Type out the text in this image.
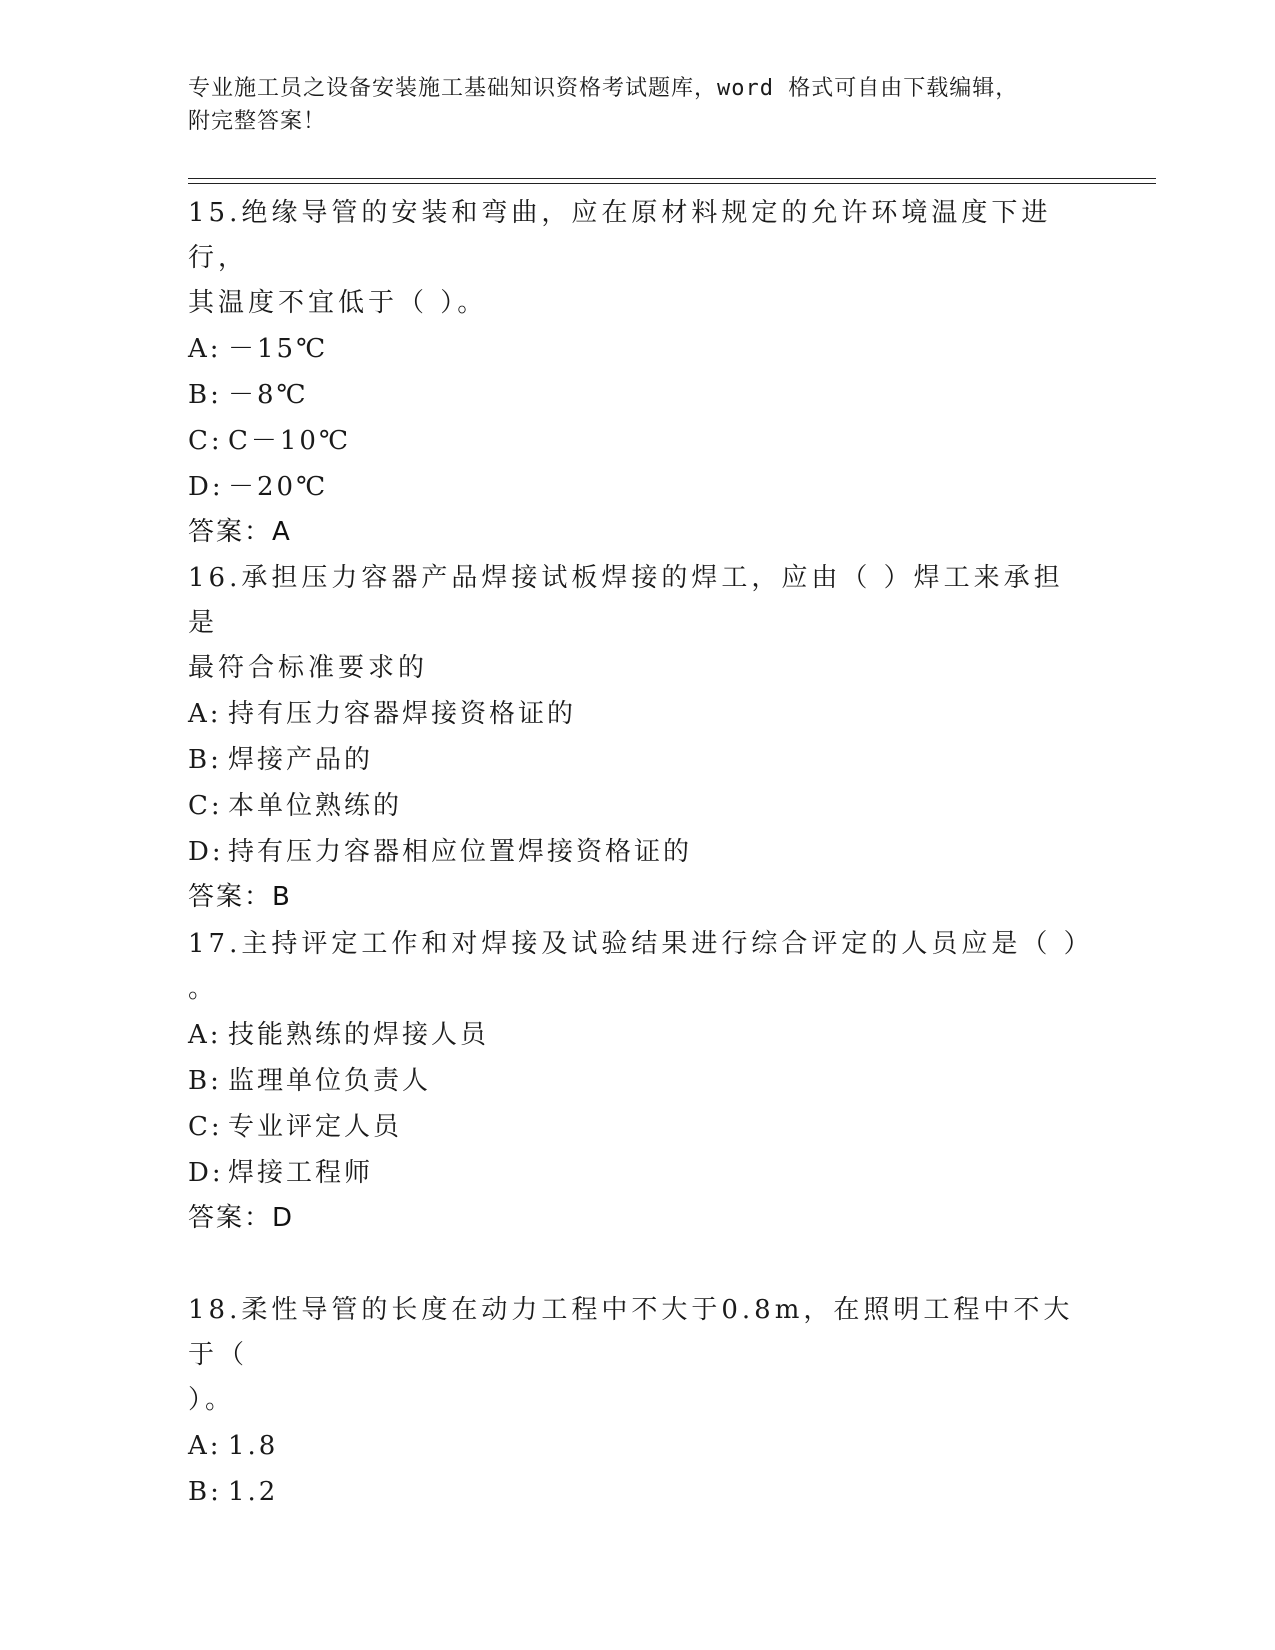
专业施工员之设备安装施工基础知识资格考试题库，word 格式可自由下载编辑，
附完整答案！

15.绝缘导管的安装和弯曲，应在原材料规定的允许环境温度下进行，

其温度不宜低于（ ）。

A: －15℃

B: －8℃

C: C－10℃

D: －20℃

答案：A

16.承担压力容器产品焊接试板焊接的焊工，应由（ ）焊工来承担是

最符合标准要求的

A: 持有压力容器焊接资格证的

B: 焊接产品的

C: 本单位熟练的

D: 持有压力容器相应位置焊接资格证的

答案：B

17.主持评定工作和对焊接及试验结果进行综合评定的人员应是（ ）

。

A: 技能熟练的焊接人员

B: 监理单位负责人

C: 专业评定人员

D: 焊接工程师

答案：D

18.柔性导管的长度在动力工程中不大于0.8m，在照明工程中不大于（

）。

A: 1.8

B: 1.2
